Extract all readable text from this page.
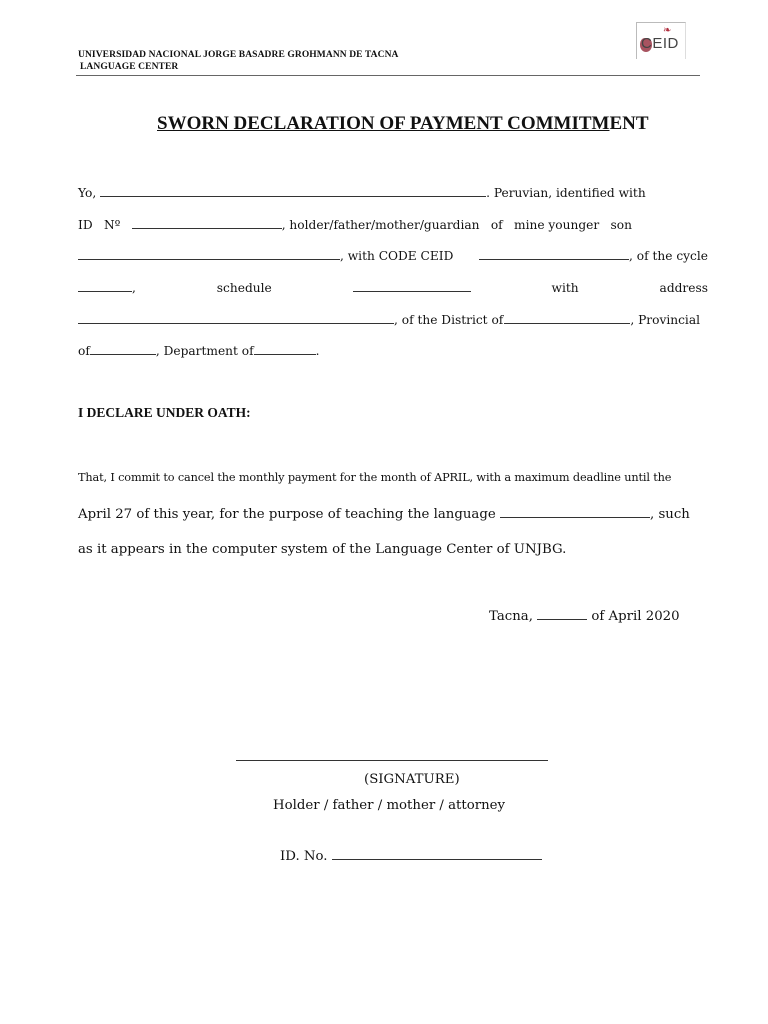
UNIVERSIDAD NACIONAL JORGE BASADRE GROHMANN DE TACNA
LANGUAGE CENTER
❧
CEID
SWORN DECLARATION OF PAYMENT COMMITMENT
Yo,	. Peruvian, identified with
ID Nº	, holder/father/mother/guardian of mine younger son
, with CODE CEID	, of the cycle
,	schedule	with	address
, of the District of	, Provincial
of	, Department of	.
I DECLARE UNDER OATH:
That, I commit to cancel the monthly payment for the month of APRIL, with a maximum deadline until the
April 27 of this year, for the purpose of teaching the language	, such
as it appears in the computer system of the Language Center of UNJBG.
Tacna,	of April 2020
(SIGNATURE)
Holder / father / mother / attorney
ID. No.
